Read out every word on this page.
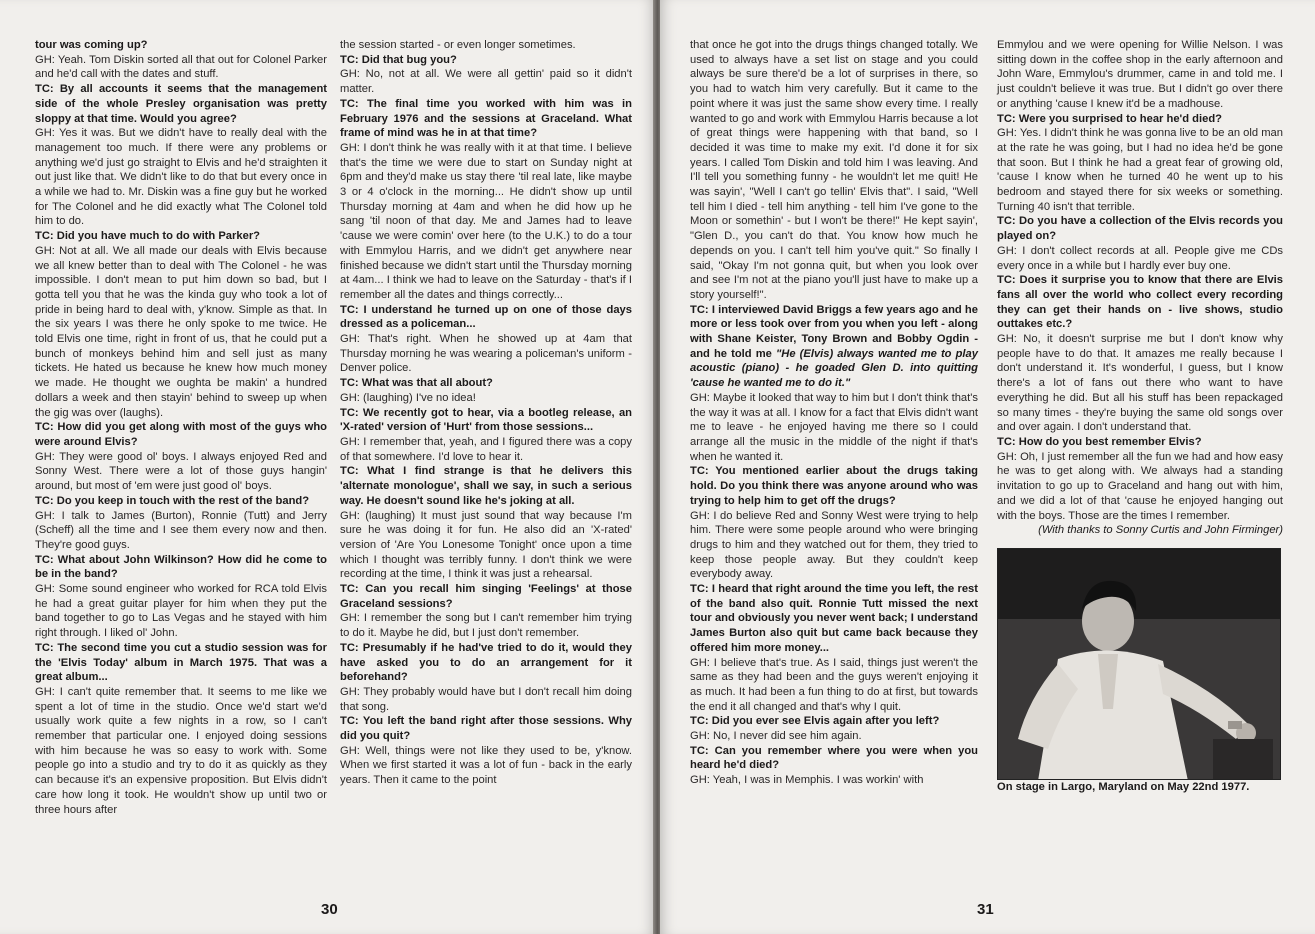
tour was coming up?

GH: Yeah. Tom Diskin sorted all that out for Colonel Parker and he'd call with the dates and stuff.

TC: By all accounts it seems that the management side of the whole Presley organisation was pretty sloppy at that time. Would you agree?

GH: Yes it was. But we didn't have to really deal with the management too much. If there were any problems or anything we'd just go straight to Elvis and he'd straighten it out just like that. We didn't like to do that but every once in a while we had to. Mr. Diskin was a fine guy but he worked for The Colonel and he did exactly what The Colonel told him to do.

TC: Did you have much to do with Parker?

GH: Not at all. We all made our deals with Elvis because we all knew better than to deal with The Colonel - he was impossible. I don't mean to put him down so bad, but I gotta tell you that he was the kinda guy who took a lot of pride in being hard to deal with, y'know. Simple as that. In the six years I was there he only spoke to me twice. He told Elvis one time, right in front of us, that he could put a bunch of monkeys behind him and sell just as many tickets. He hated us because he knew how much money we made. He thought we oughta be makin' a hundred dollars a week and then stayin' behind to sweep up when the gig was over (laughs).

TC: How did you get along with most of the guys who were around Elvis?

GH: They were good ol' boys. I always enjoyed Red and Sonny West. There were a lot of those guys hangin' around, but most of 'em were just good ol' boys.

TC: Do you keep in touch with the rest of the band?

GH: I talk to James (Burton), Ronnie (Tutt) and Jerry (Scheff) all the time and I see them every now and then. They're good guys.

TC: What about John Wilkinson? How did he come to be in the band?

GH: Some sound engineer who worked for RCA told Elvis he had a great guitar player for him when they put the band together to go to Las Vegas and he stayed with him right through. I liked ol' John.

TC: The second time you cut a studio session was for the 'Elvis Today' album in March 1975. That was a great album...

GH: I can't quite remember that. It seems to me like we spent a lot of time in the studio. Once we'd start we'd usually work quite a few nights in a row, so I can't remember that particular one. I enjoyed doing sessions with him because he was so easy to work with. Some people go into a studio and try to do it as quickly as they can because it's an expensive proposition. But Elvis didn't care how long it took. He wouldn't show up until two or three hours after

the session started - or even longer sometimes.

TC: Did that bug you?

GH: No, not at all. We were all gettin' paid so it didn't matter.

TC: The final time you worked with him was in February 1976 and the sessions at Graceland. What frame of mind was he in at that time?

GH: I don't think he was really with it at that time. I believe that's the time we were due to start on Sunday night at 6pm and they'd make us stay there 'til real late, like maybe 3 or 4 o'clock in the morning... He didn't show up until Thursday morning at 4am and when he did how up he sang 'til noon of that day. Me and James had to leave 'cause we were comin' over here (to the U.K.) to do a tour with Emmylou Harris, and we didn't get anywhere near finished because we didn't start until the Thursday morning at 4am... I think we had to leave on the Saturday - that's if I remember all the dates and things correctly...

TC: I understand he turned up on one of those days dressed as a policeman...

GH: That's right. When he showed up at 4am that Thursday morning he was wearing a policeman's uniform - Denver police.

TC: What was that all about?

GH: (laughing) I've no idea!

TC: We recently got to hear, via a bootleg release, an 'X-rated' version of 'Hurt' from those sessions...

GH: I remember that, yeah, and I figured there was a copy of that somewhere. I'd love to hear it.

TC: What I find strange is that he delivers this 'alternate monologue', shall we say, in such a serious way. He doesn't sound like he's joking at all.

GH: (laughing) It must just sound that way because I'm sure he was doing it for fun. He also did an 'X-rated' version of 'Are You Lonesome Tonight' once upon a time which I thought was terribly funny. I don't think we were recording at the time, I think it was just a rehearsal.

TC: Can you recall him singing 'Feelings' at those Graceland sessions?

GH: I remember the song but I can't remember him trying to do it. Maybe he did, but I just don't remember.

TC: Presumably if he had've tried to do it, would they have asked you to do an arrangement for it beforehand?

GH: They probably would have but I don't recall him doing that song.

TC: You left the band right after those sessions. Why did you quit?

GH: Well, things were not like they used to be, y'know. When we first started it was a lot of fun - back in the early years. Then it came to the point

30

that once he got into the drugs things changed totally. We used to always have a set list on stage and you could always be sure there'd be a lot of surprises in there, so you had to watch him very carefully. But it came to the point where it was just the same show every time. I really wanted to go and work with Emmylou Harris because a lot of great things were happening with that band, so I decided it was time to make my exit. I'd done it for six years. I called Tom Diskin and told him I was leaving. And I'll tell you something funny - he wouldn't let me quit! He was sayin', "Well I can't go tellin' Elvis that". I said, "Well tell him I died - tell him anything - tell him I've gone to the Moon or somethin' - but I won't be there!" He kept sayin', "Glen D., you can't do that. You know how much he depends on you. I can't tell him you've quit." So finally I said, "Okay I'm not gonna quit, but when you look over and see I'm not at the piano you'll just have to make up a story yourself!".

TC: I interviewed David Briggs a few years ago and he more or less took over from you when you left - along with Shane Keister, Tony Brown and Bobby Ogdin - and he told me "He (Elvis) always wanted me to play acoustic (piano) - he goaded Glen D. into quitting 'cause he wanted me to do it."

GH: Maybe it looked that way to him but I don't think that's the way it was at all. I know for a fact that Elvis didn't want me to leave - he enjoyed having me there so I could arrange all the music in the middle of the night if that's when he wanted it.

TC: You mentioned earlier about the drugs taking hold. Do you think there was anyone around who was trying to help him to get off the drugs?

GH: I do believe Red and Sonny West were trying to help him. There were some people around who were bringing drugs to him and they watched out for them, they tried to keep those people away. But they couldn't keep everybody away.

TC: I heard that right around the time you left, the rest of the band also quit. Ronnie Tutt missed the next tour and obviously you never went back; I understand James Burton also quit but came back because they offered him more money...

GH: I believe that's true. As I said, things just weren't the same as they had been and the guys weren't enjoying it as much. It had been a fun thing to do at first, but towards the end it all changed and that's why I quit.

TC: Did you ever see Elvis again after you left?

GH: No, I never did see him again.

TC: Can you remember where you were when you heard he'd died?

GH: Yeah, I was in Memphis. I was workin' with

Emmylou and we were opening for Willie Nelson. I was sitting down in the coffee shop in the early afternoon and John Ware, Emmylou's drummer, came in and told me. I just couldn't believe it was true. But I didn't go over there or anything 'cause I knew it'd be a madhouse.

TC: Were you surprised to hear he'd died?

GH: Yes. I didn't think he was gonna live to be an old man at the rate he was going, but I had no idea he'd be gone that soon. But I think he had a great fear of growing old, 'cause I know when he turned 40 he went up to his bedroom and stayed there for six weeks or something. Turning 40 isn't that terrible.

TC: Do you have a collection of the Elvis records you played on?

GH: I don't collect records at all. People give me CDs every once in a while but I hardly ever buy one.

TC: Does it surprise you to know that there are Elvis fans all over the world who collect every recording they can get their hands on - live shows, studio outtakes etc.?

GH: No, it doesn't surprise me but I don't know why people have to do that. It amazes me really because I don't understand it. It's wonderful, I guess, but I know there's a lot of fans out there who want to have everything he did. But all his stuff has been repackaged so many times - they're buying the same old songs over and over again. I don't understand that.

TC: How do you best remember Elvis?

GH: Oh, I just remember all the fun we had and how easy he was to get along with. We always had a standing invitation to go up to Graceland and hang out with him, and we did a lot of that 'cause he enjoyed hanging out with the boys. Those are the times I remember.

(With thanks to Sonny Curtis and John Firminger)

On stage in Largo, Maryland on May 22nd 1977.

31
